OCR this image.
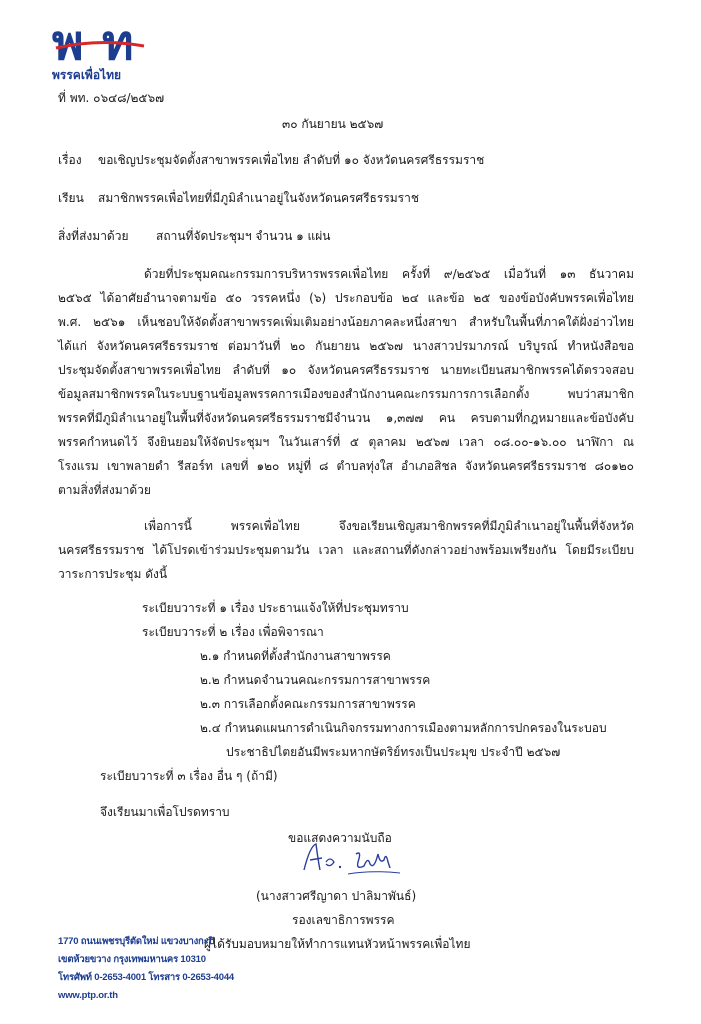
พ ท
พรรคเพื่อไทย
ที่ พท. ๐๖๔๘/๒๕๖๗
๓๐ กันยายน ๒๕๖๗
เรื่อง ขอเชิญประชุมจัดตั้งสาขาพรรคเพื่อไทย ลำดับที่ ๑๐ จังหวัดนครศรีธรรมราช
เรียน สมาชิกพรรคเพื่อไทยที่มีภูมิลำเนาอยู่ในจังหวัดนครศรีธรรมราช
สิ่งที่ส่งมาด้วย สถานที่จัดประชุมฯ จำนวน ๑ แผ่น
ด้วยที่ประชุมคณะกรรมการบริหารพรรคเพื่อไทย ครั้งที่ ๙/๒๕๖๕ เมื่อวันที่ ๑๓ ธันวาคม
๒๕๖๕ ได้อาศัยอำนาจตามข้อ ๕๐ วรรคหนึ่ง (๖) ประกอบข้อ ๒๔ และข้อ ๒๕ ของข้อบังคับพรรคเพื่อไทย
พ.ศ. ๒๕๖๑ เห็นชอบให้จัดตั้งสาขาพรรคเพิ่มเติมอย่างน้อยภาคละหนึ่งสาขา สำหรับในพื้นที่ภาคใต้ฝั่งอ่าวไทย
ได้แก่ จังหวัดนครศรีธรรมราช ต่อมาวันที่ ๒๐ กันยายน ๒๕๖๗ นางสาวปรมาภรณ์ บริบูรณ์ ทำหนังสือขอ
ประชุมจัดตั้งสาขาพรรคเพื่อไทย ลำดับที่ ๑๐ จังหวัดนครศรีธรรมราช นายทะเบียนสมาชิกพรรคได้ตรวจสอบ
ข้อมูลสมาชิกพรรคในระบบฐานข้อมูลพรรคการเมืองของสำนักงานคณะกรรมการการเลือกตั้ง พบว่าสมาชิก
พรรคที่มีภูมิลำเนาอยู่ในพื้นที่จังหวัดนครศรีธรรมราชมีจำนวน ๑,๓๗๗ คน ครบตามที่กฎหมายและข้อบังคับ
พรรคกำหนดไว้ จึงยินยอมให้จัดประชุมฯ ในวันเสาร์ที่ ๕ ตุลาคม ๒๕๖๗ เวลา ๐๘.๐๐-๑๖.๐๐ นาฬิกา ณ
โรงแรม เขาพลายดำ รีสอร์ท เลขที่ ๑๒๐ หมู่ที่ ๘ ตำบลทุ่งใส อำเภอสิชล จังหวัดนครศรีธรรมราช ๘๐๑๒๐
ตามสิ่งที่ส่งมาด้วย
เพื่อการนี้ พรรคเพื่อไทย จึงขอเรียนเชิญสมาชิกพรรคที่มีภูมิลำเนาอยู่ในพื้นที่จังหวัด
นครศรีธรรมราช ได้โปรดเข้าร่วมประชุมตามวัน เวลา และสถานที่ดังกล่าวอย่างพร้อมเพรียงกัน โดยมีระเบียบ
วาระการประชุม ดังนี้
ระเบียบวาระที่ ๑ เรื่อง ประธานแจ้งให้ที่ประชุมทราบ
ระเบียบวาระที่ ๒ เรื่อง เพื่อพิจารณา
๒.๑ กำหนดที่ตั้งสำนักงานสาขาพรรค
๒.๒ กำหนดจำนวนคณะกรรมการสาขาพรรค
๒.๓ การเลือกตั้งคณะกรรมการสาขาพรรค
๒.๔ กำหนดแผนการดำเนินกิจกรรมทางการเมืองตามหลักการปกครองในระบอบ
ประชาธิปไตยอันมีพระมหากษัตริย์ทรงเป็นประมุข ประจำปี ๒๕๖๗
ระเบียบวาระที่ ๓ เรื่อง อื่น ๆ (ถ้ามี)
จึงเรียนมาเพื่อโปรดทราบ
ขอแสดงความนับถือ
(นางสาวศรีญาดา ปาลิมาพันธ์)
รองเลขาธิการพรรค
ผู้ได้รับมอบหมายให้ทำการแทนหัวหน้าพรรคเพื่อไทย
1770 ถนนเพชรบุรีตัดใหม่ แขวงบางกะปิ
เขตห้วยขวาง กรุงเทพมหานคร 10310
โทรศัพท์ 0-2653-4001 โทรสาร 0-2653-4044
www.ptp.or.th
